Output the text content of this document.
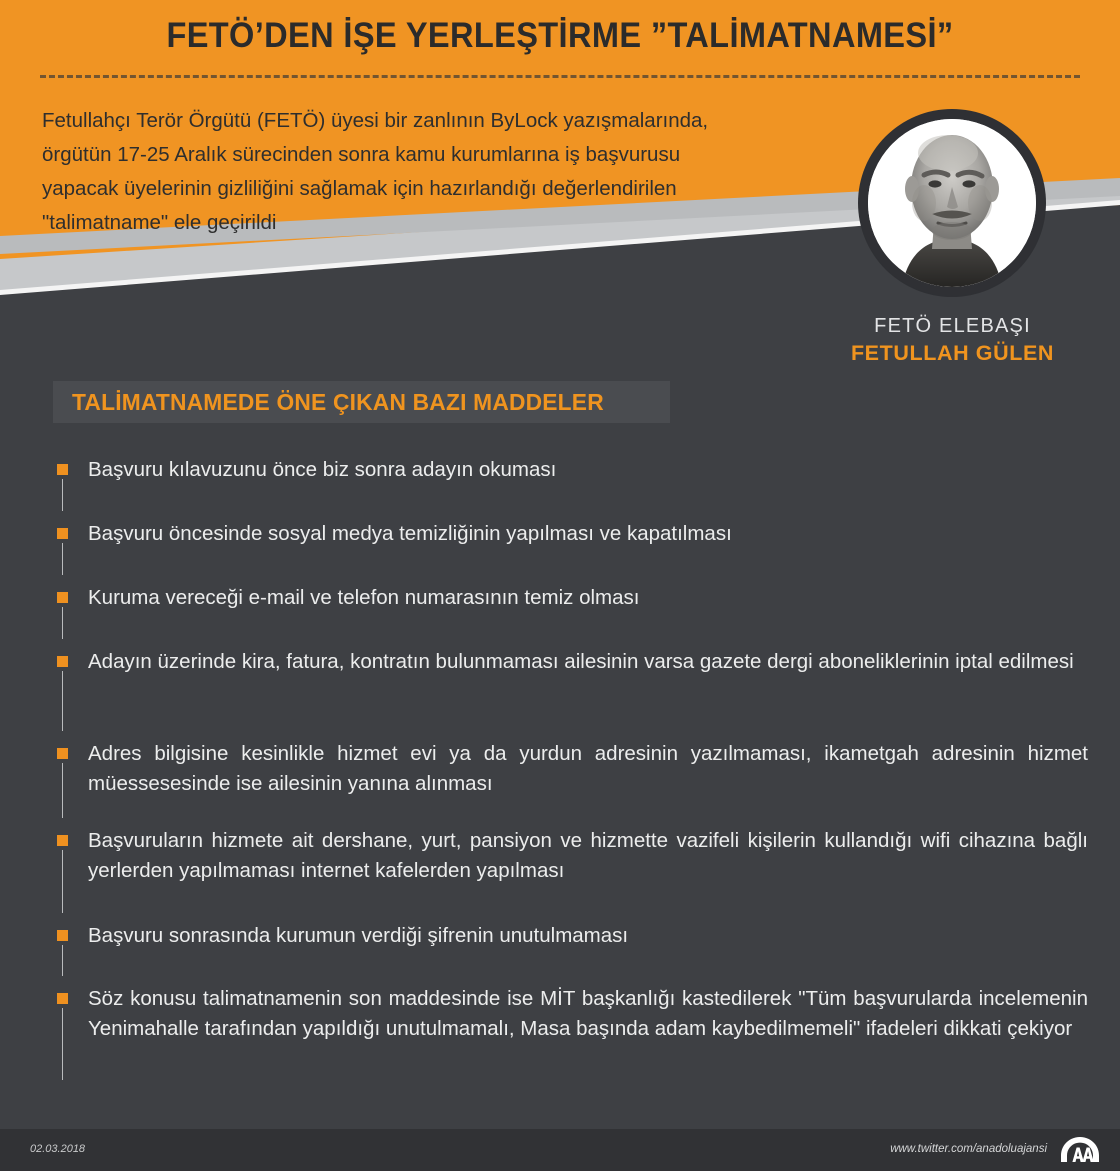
FETÖ’DEN İŞE YERLEŞTİRME ”TALİMATNAMESİ”
Fetullahçı Terör Örgütü (FETÖ) üyesi bir zanlının ByLock yazışmalarında, örgütün 17-25 Aralık sürecinden sonra kamu kurumlarına iş başvurusu yapacak üyelerinin gizliliğini sağlamak için hazırlandığı değerlendirilen "talimatname" ele geçirildi
FETÖ ELEBAŞI
FETULLAH GÜLEN
TALİMATNAMEDE ÖNE ÇIKAN BAZI MADDELER
Başvuru kılavuzunu önce biz sonra adayın okuması
Başvuru öncesinde sosyal medya temizliğinin yapılması ve kapatılması
Kuruma vereceği e-mail ve telefon numarasının temiz olması
Adayın üzerinde kira, fatura, kontratın bulunmaması ailesinin varsa gazete dergi aboneliklerinin iptal edilmesi
Adres bilgisine kesinlikle hizmet evi ya da yurdun adresinin yazılmaması, ikametgah adresinin hizmet müessesesinde ise ailesinin yanına alınması
Başvuruların hizmete ait dershane, yurt, pansiyon ve hizmette vazifeli kişilerin kullandığı wifi cihazına bağlı yerlerden yapılmaması internet kafelerden yapılması
Başvuru sonrasında kurumun verdiği şifrenin unutulmaması
Söz konusu talimatnamenin son maddesinde ise MİT başkanlığı kastedilerek "Tüm başvurularda incelemenin Yenimahalle tarafından yapıldığı unutulmamalı, Masa başında adam kaybedilmemeli" ifadeleri dikkati çekiyor
02.03.2018	www.twitter.com/anadoluajansi
